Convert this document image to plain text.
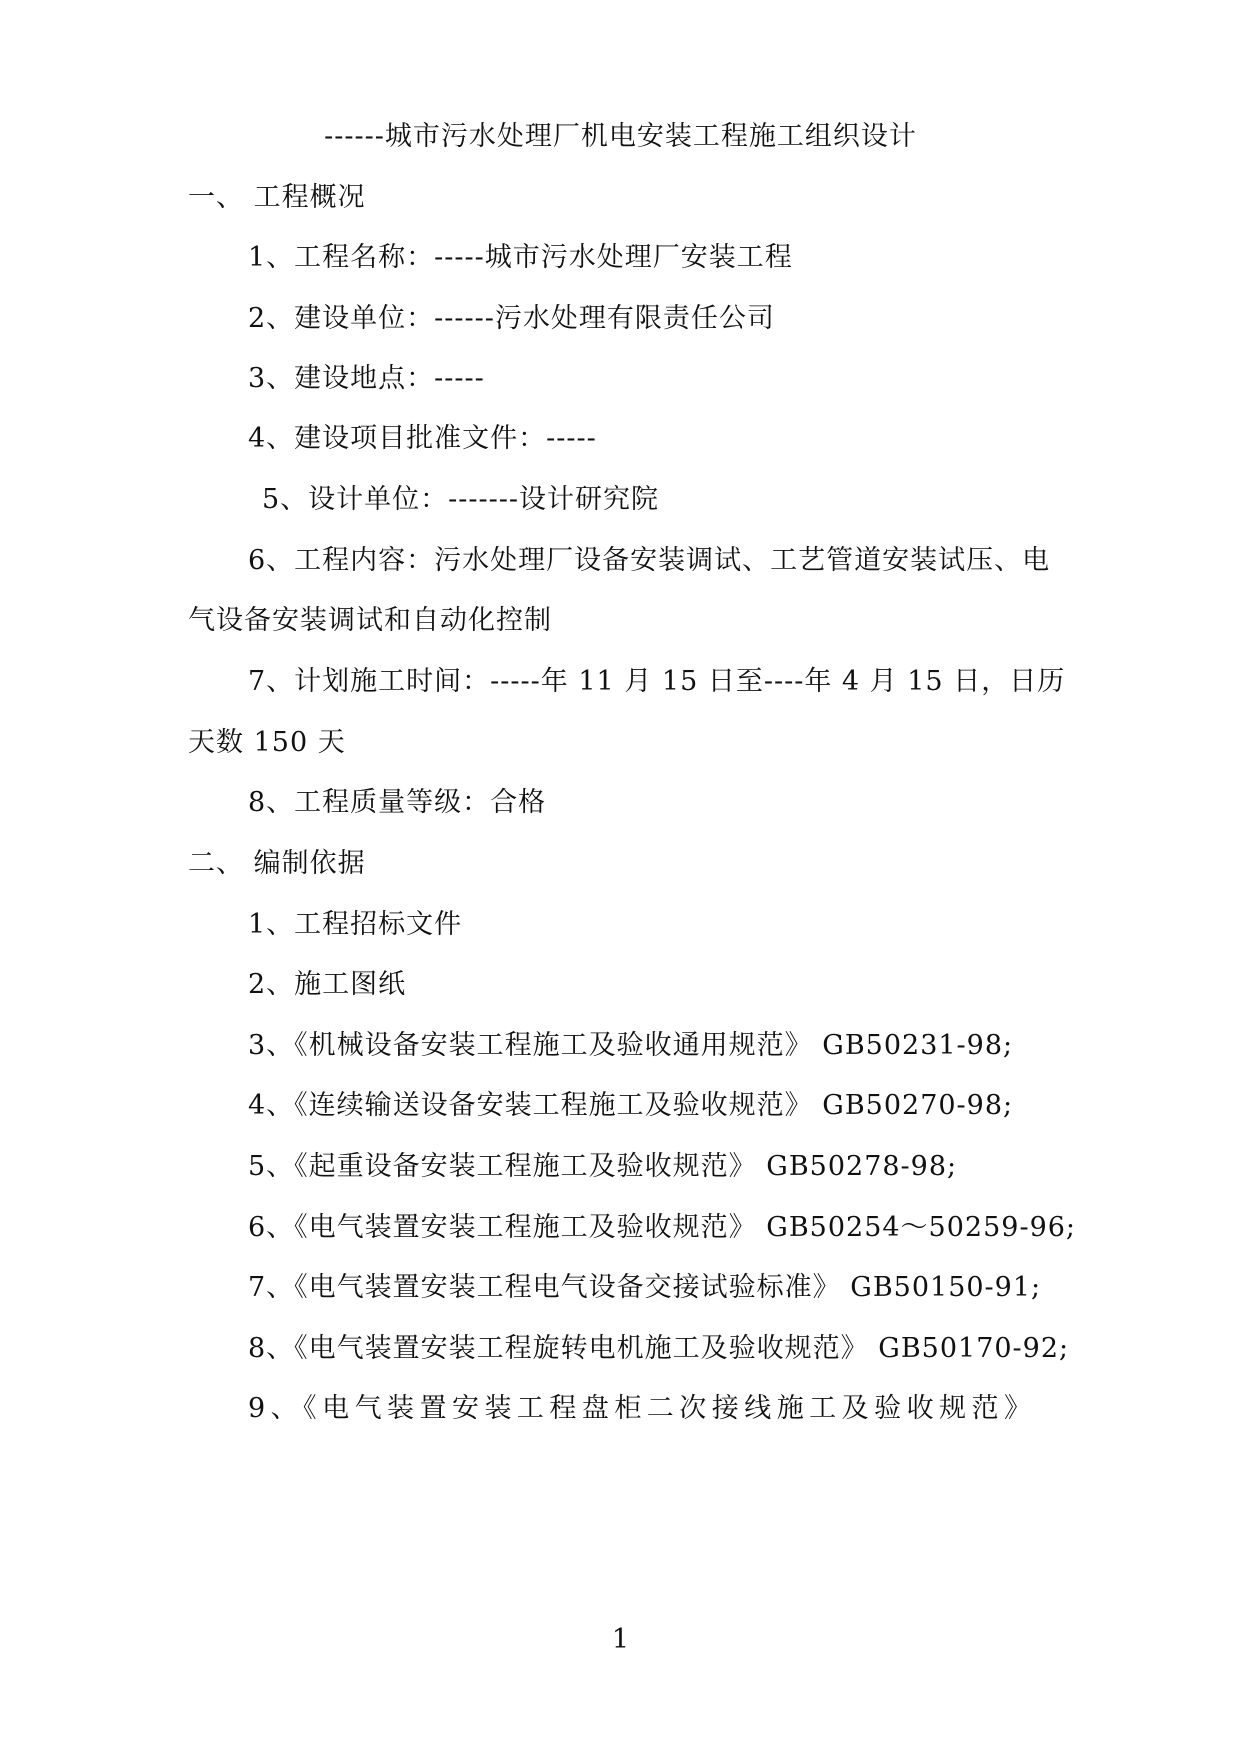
------城市污水处理厂机电安装工程施工组织设计
一、 工程概况
1、工程名称：-----城市污水处理厂安装工程
2、建设单位：------污水处理有限责任公司
3、建设地点：-----
4、建设项目批准文件：-----
5、设计单位：-------设计研究院
6、工程内容：污水处理厂设备安装调试、工艺管道安装试压、电
气设备安装调试和自动化控制
7、计划施工时间：-----年 11 月 15 日至----年 4 月 15 日，日历
天数 150 天
8、工程质量等级：合格
二、 编制依据
1、工程招标文件
2、施工图纸
3、《机械设备安装工程施工及验收通用规范》 GB50231-98;
4、《连续输送设备安装工程施工及验收规范》 GB50270-98;
5、《起重设备安装工程施工及验收规范》 GB50278-98;
6、《电气装置安装工程施工及验收规范》 GB50254～50259-96;
7、《电气装置安装工程电气设备交接试验标准》 GB50150-91;
8、《电气装置安装工程旋转电机施工及验收规范》 GB50170-92;
9、《电气装置安装工程盘柜二次接线施工及验收规范》
1
